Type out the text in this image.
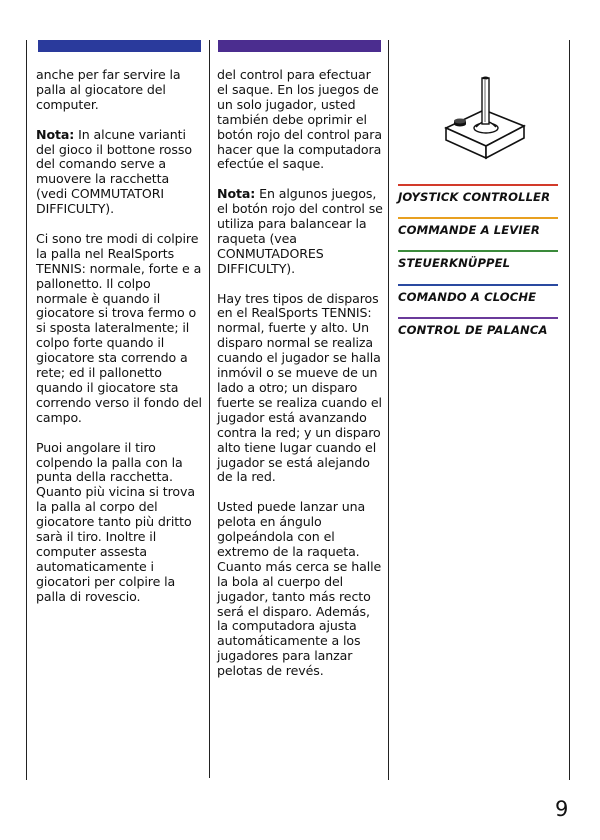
anche per far servire la palla al giocatore del computer.

Nota: In alcune varianti del gioco il bottone rosso del comando serve a muovere la racchetta (vedi COMMUTATORI DIFFICULTY).

Ci sono tre modi di colpire la palla nel RealSports TENNIS: normale, forte e a pallonetto. Il colpo normale è quando il giocatore si trova fermo o si sposta lateralmente; il colpo forte quando il giocatore sta correndo a rete; ed il pallonetto quando il giocatore sta correndo verso il fondo del campo.

Puoi angolare il tiro colpendo la palla con la punta della racchetta. Quanto più vicina si trova la palla al corpo del giocatore tanto più dritto sarà il tiro. Inoltre il computer assesta automaticamente i giocatori per colpire la palla di rovescio.

del control para efectuar el saque. En los juegos de un solo jugador, usted también debe oprimir el botón rojo del control para hacer que la computadora efectúe el saque.

Nota: En algunos juegos, el botón rojo del control se utiliza para balancear la raqueta (vea CONMUTADORES DIFFICULTY).

Hay tres tipos de disparos en el RealSports TENNIS: normal, fuerte y alto. Un disparo normal se realiza cuando el jugador se halla inmóvil o se mueve de un lado a otro; un disparo fuerte se realiza cuando el jugador está avanzando contra la red; y un disparo alto tiene lugar cuando el jugador se está alejando de la red.

Usted puede lanzar una pelota en ángulo golpeándola con el extremo de la raqueta. Cuanto más cerca se halle la bola al cuerpo del jugador, tanto más recto será el disparo. Además, la computadora ajusta automáticamente a los jugadores para lanzar pelotas de revés.

JOYSTICK CONTROLLER
COMMANDE A LEVIER
STEUERKNÜPPEL
COMANDO A CLOCHE
CONTROL DE PALANCA
9
